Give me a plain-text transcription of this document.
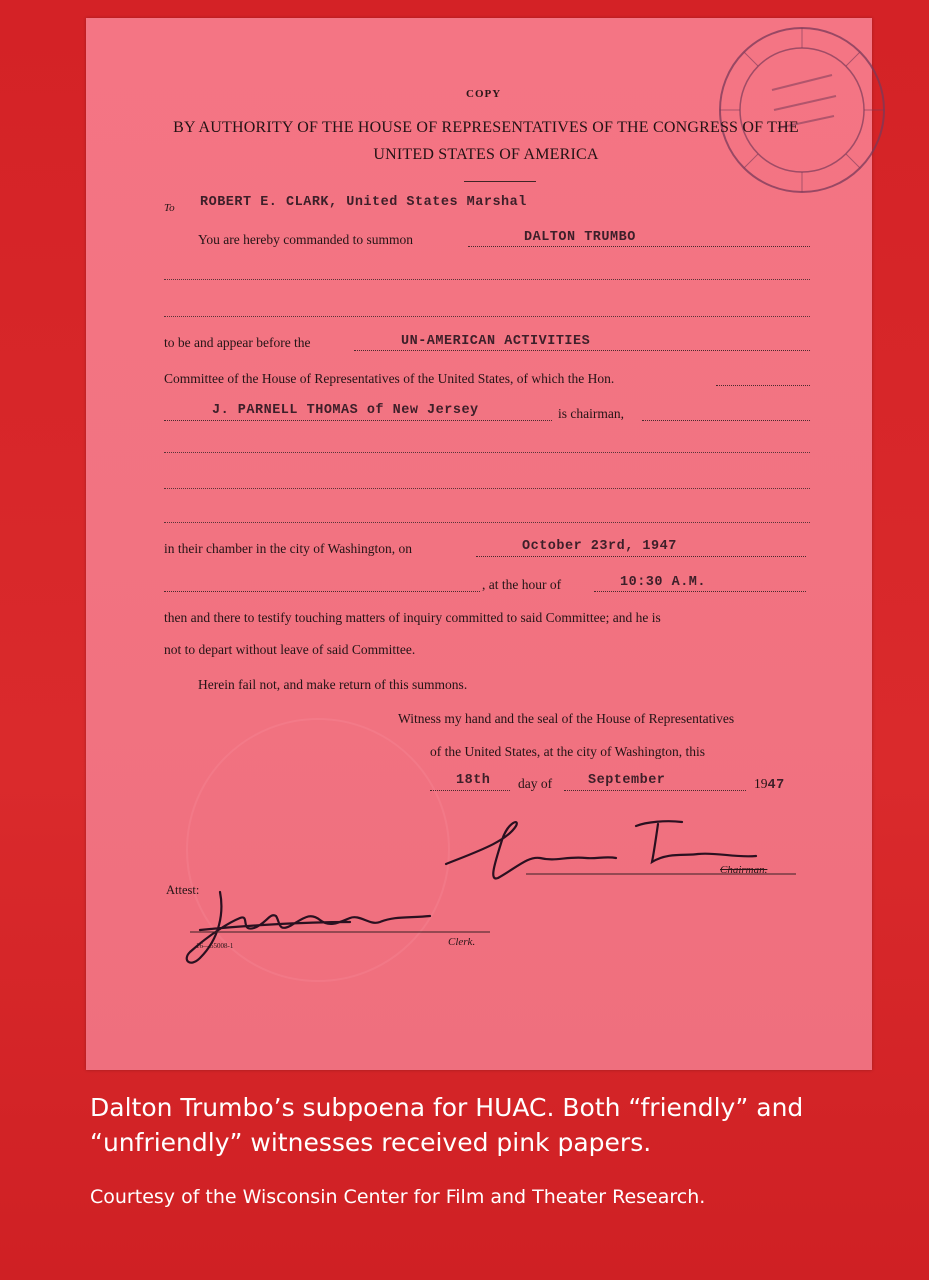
COPY
BY AUTHORITY OF THE HOUSE OF REPRESENTATIVES OF THE CONGRESS OF THE
UNITED STATES OF AMERICA
To ROBERT E. CLARK, United States Marshal
You are hereby commanded to summon	DALTON TRUMBO
to be and appear before the	UN-AMERICAN ACTIVITIES
Committee of the House of Representatives of the United States, of which the Hon.
J. PARNELL THOMAS of New Jersey	is chairman,
in their chamber in the city of Washington, on	October 23rd, 1947
, at the hour of	10:30 A.M.
then and there to testify touching matters of inquiry committed to said Committee; and he is
not to depart without leave of said Committee.
Herein fail not, and make return of this summons.
Witness my hand and the seal of the House of Representatives
of the United States, at the city of Washington, this
18th day of	September	1947
Chairman.
Attest:
Clerk.
16—55008-1
Dalton Trumbo’s subpoena for HUAC. Both “friendly” and “unfriendly” witnesses received pink papers.
Courtesy of the Wisconsin Center for Film and Theater Research.
